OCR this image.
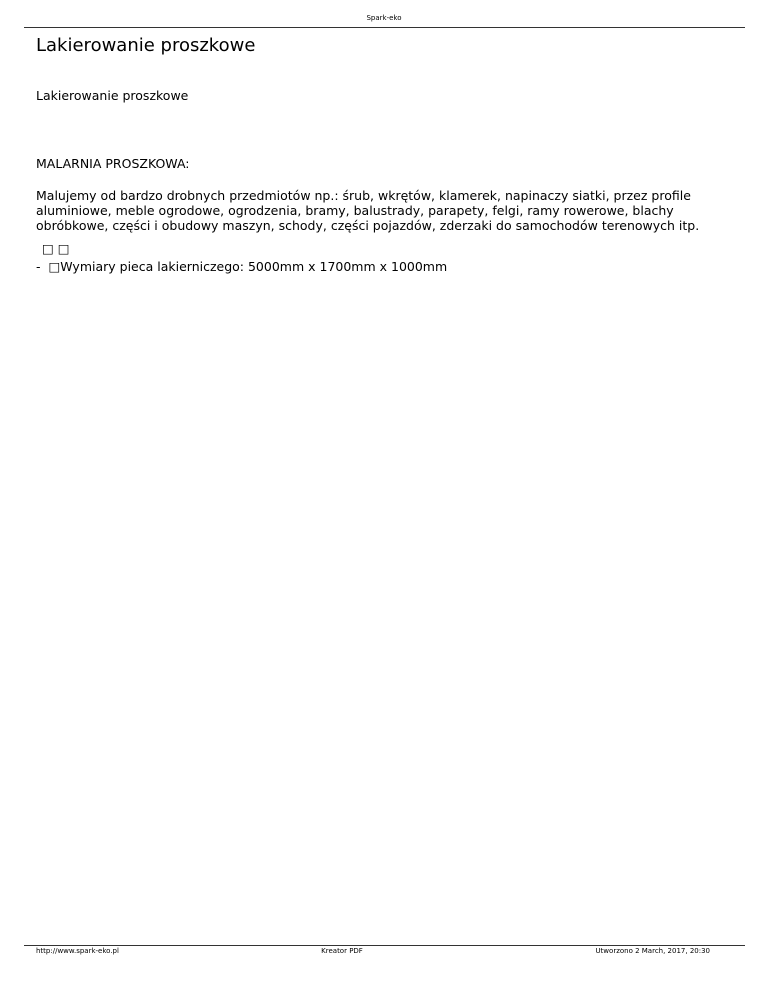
Spark-eko
Lakierowanie proszkowe

Lakierowanie proszkowe

MALARNIA PROSZKOWA:

Malujemy od bardzo drobnych przedmiotów np.: śrub, wkrętów, klamerek, napinaczy siatki, przez profile aluminiowe, meble ogrodowe, ogrodzenia, bramy, balustrady, parapety, felgi, ramy rowerowe, blachy obróbkowe, części i obudowy maszyn, schody, części pojazdów, zderzaki do samochodów terenowych itp.

□ □

-  □Wymiary pieca lakierniczego: 5000mm x 1700mm x 1000mm

http://www.spark-eko.pl	Kreator PDF	Utworzono 2 March, 2017, 20:30
